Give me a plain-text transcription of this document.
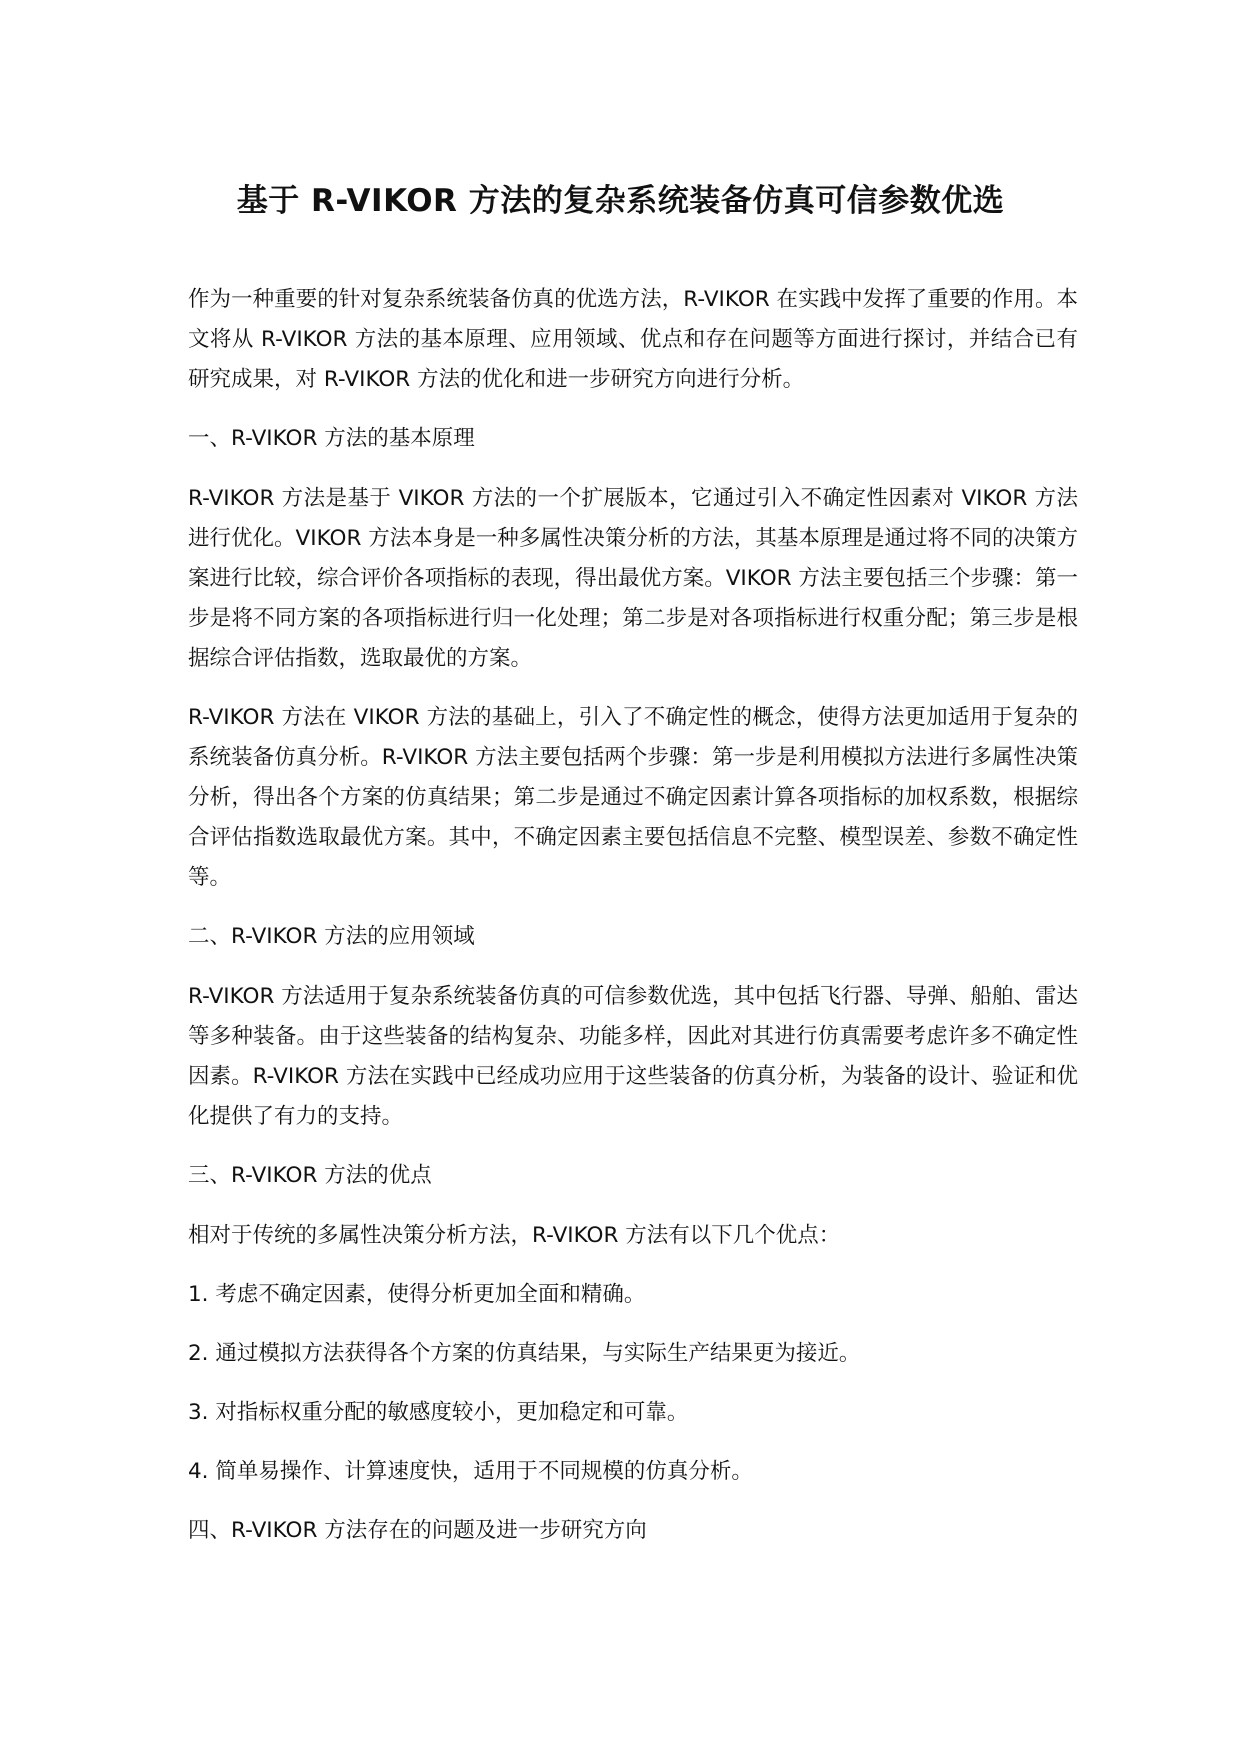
基于 R-VIKOR 方法的复杂系统装备仿真可信参数优选

作为一种重要的针对复杂系统装备仿真的优选方法，R-VIKOR 在实践中发挥了重要的作用。本文将从 R-VIKOR 方法的基本原理、应用领域、优点和存在问题等方面进行探讨，并结合已有研究成果，对 R-VIKOR 方法的优化和进一步研究方向进行分析。

一、R-VIKOR 方法的基本原理

R-VIKOR 方法是基于 VIKOR 方法的一个扩展版本，它通过引入不确定性因素对 VIKOR 方法进行优化。VIKOR 方法本身是一种多属性决策分析的方法，其基本原理是通过将不同的决策方案进行比较，综合评价各项指标的表现，得出最优方案。VIKOR 方法主要包括三个步骤：第一步是将不同方案的各项指标进行归一化处理；第二步是对各项指标进行权重分配；第三步是根据综合评估指数，选取最优的方案。

R-VIKOR 方法在 VIKOR 方法的基础上，引入了不确定性的概念，使得方法更加适用于复杂的系统装备仿真分析。R-VIKOR 方法主要包括两个步骤：第一步是利用模拟方法进行多属性决策分析，得出各个方案的仿真结果；第二步是通过不确定因素计算各项指标的加权系数，根据综合评估指数选取最优方案。其中，不确定因素主要包括信息不完整、模型误差、参数不确定性等。

二、R-VIKOR 方法的应用领域

R-VIKOR 方法适用于复杂系统装备仿真的可信参数优选，其中包括飞行器、导弹、船舶、雷达等多种装备。由于这些装备的结构复杂、功能多样，因此对其进行仿真需要考虑许多不确定性因素。R-VIKOR 方法在实践中已经成功应用于这些装备的仿真分析，为装备的设计、验证和优化提供了有力的支持。

三、R-VIKOR 方法的优点

相对于传统的多属性决策分析方法，R-VIKOR 方法有以下几个优点：

1. 考虑不确定因素，使得分析更加全面和精确。

2. 通过模拟方法获得各个方案的仿真结果，与实际生产结果更为接近。

3. 对指标权重分配的敏感度较小，更加稳定和可靠。

4. 简单易操作、计算速度快，适用于不同规模的仿真分析。

四、R-VIKOR 方法存在的问题及进一步研究方向
